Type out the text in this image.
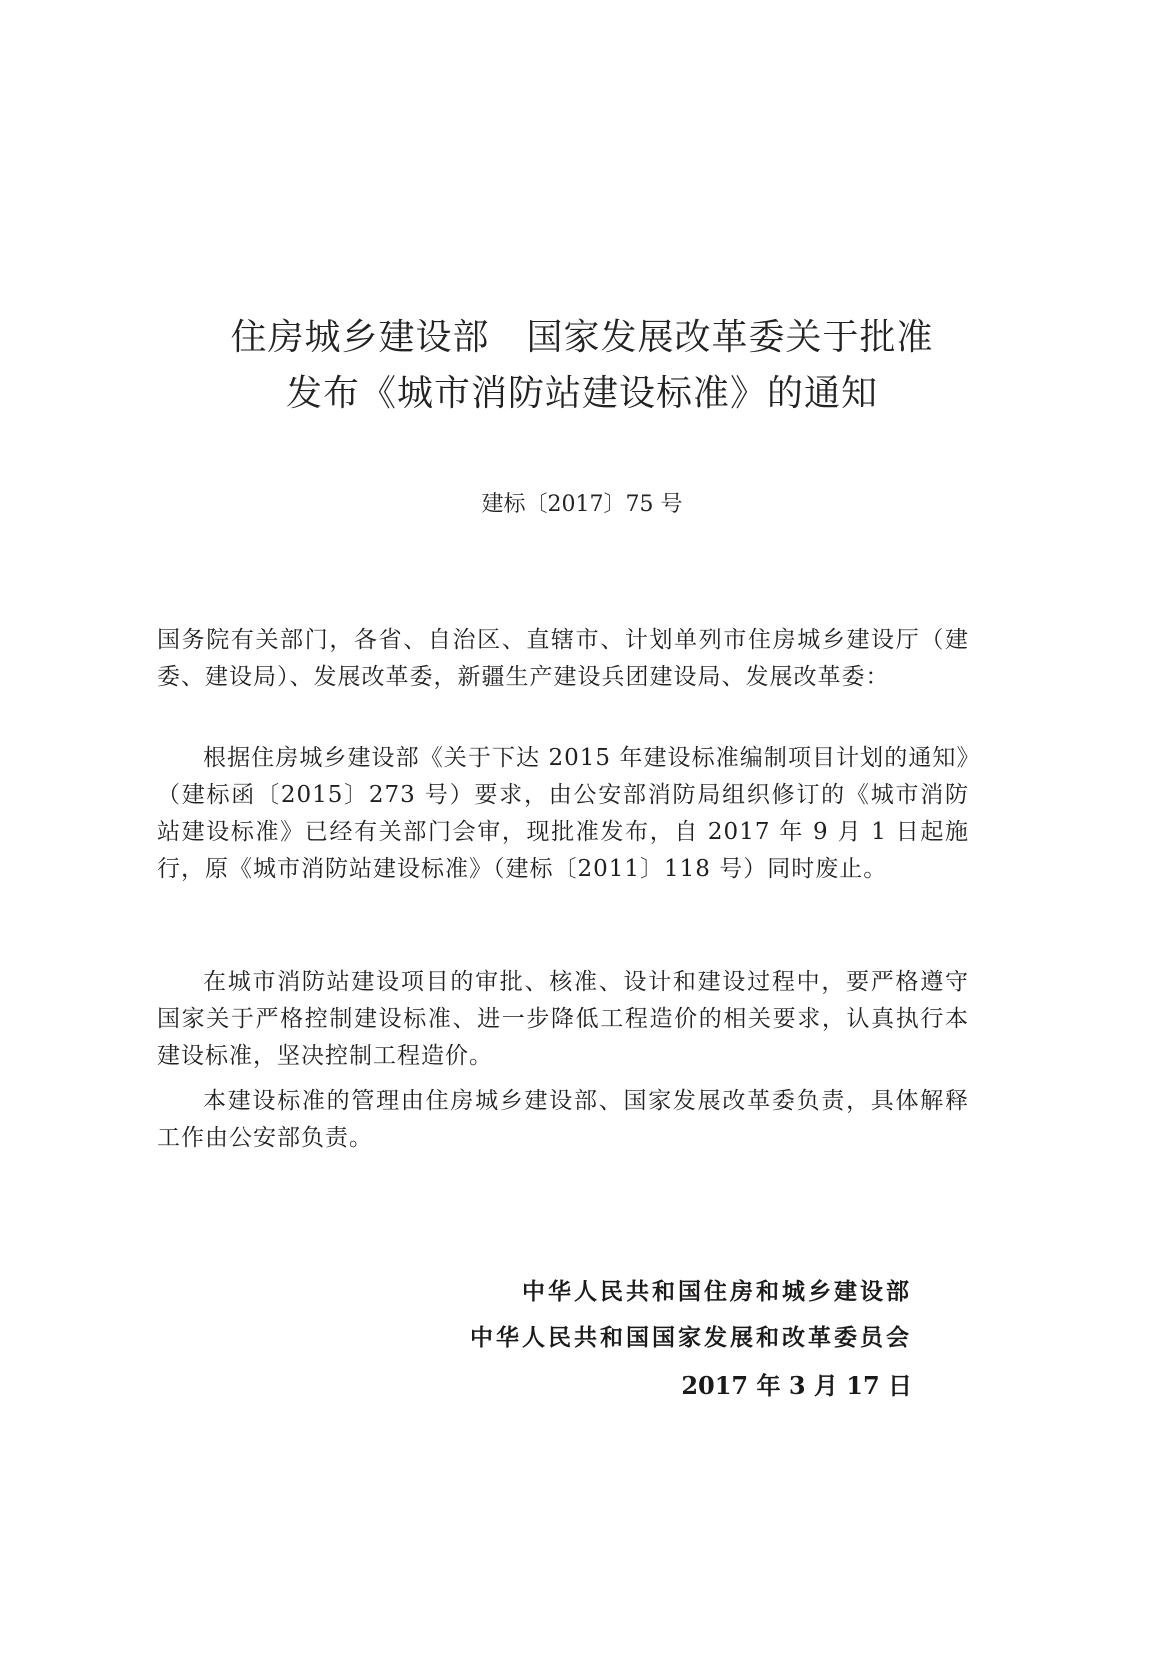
住房城乡建设部　国家发展改革委关于批准
发布《城市消防站建设标准》的通知
建标〔2017〕75 号
国务院有关部门，各省、自治区、直辖市、计划单列市住房城乡建设厅（建委、建设局）、发展改革委，新疆生产建设兵团建设局、发展改革委：
根据住房城乡建设部《关于下达 2015 年建设标准编制项目计划的通知》（建标函〔2015〕273 号）要求，由公安部消防局组织修订的《城市消防站建设标准》已经有关部门会审，现批准发布，自 2017 年 9 月 1 日起施行，原《城市消防站建设标准》（建标〔2011〕118 号）同时废止。
在城市消防站建设项目的审批、核准、设计和建设过程中，要严格遵守国家关于严格控制建设标准、进一步降低工程造价的相关要求，认真执行本建设标准，坚决控制工程造价。
本建设标准的管理由住房城乡建设部、国家发展改革委负责，具体解释工作由公安部负责。
中华人民共和国住房和城乡建设部
中华人民共和国国家发展和改革委员会
2017 年 3 月 17 日
